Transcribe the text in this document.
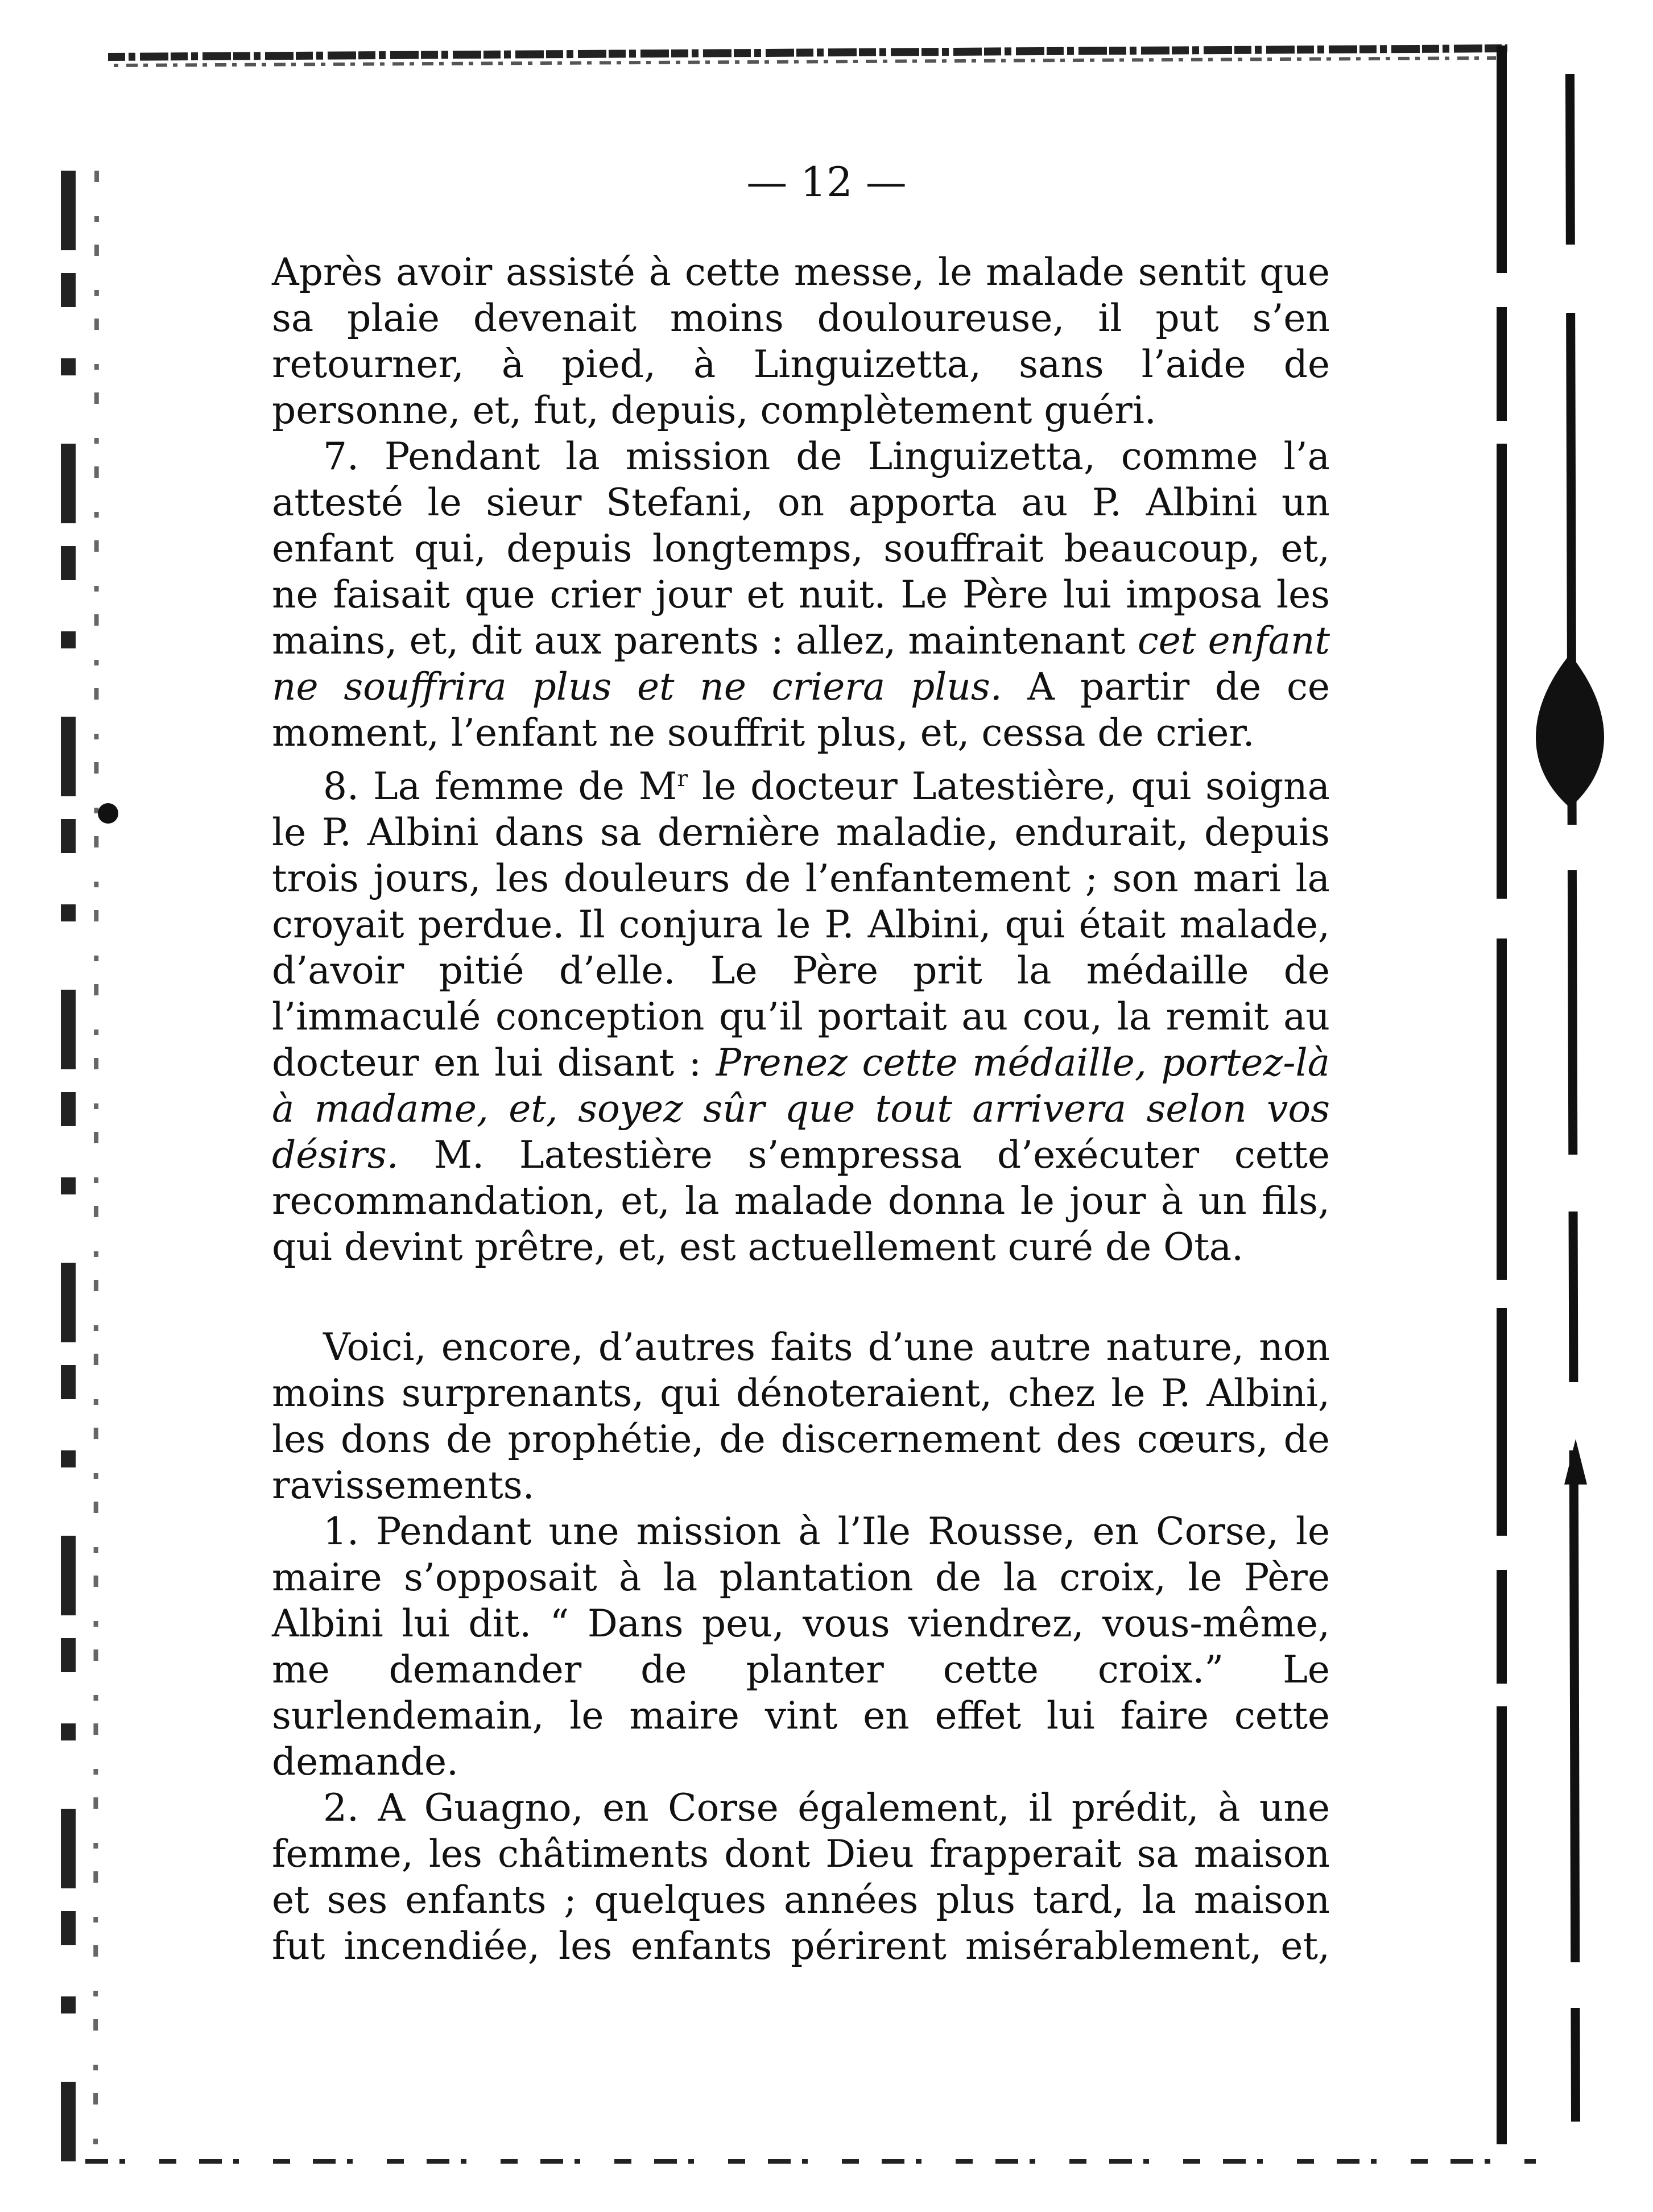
— 12 —

Après avoir assisté à cette messe, le malade sentit que sa plaie devenait moins douloureuse, il put s’en retourner, à pied, à Linguizetta, sans l’aide de personne, et, fut, depuis, complètement guéri.

7. Pendant la mission de Linguizetta, comme l’a attesté le sieur Stefani, on apporta au P. Albini un enfant qui, depuis longtemps, souffrait beaucoup, et, ne faisait que crier jour et nuit. Le Père lui imposa les mains, et, dit aux parents : allez, maintenant cet enfant ne souffrira plus et ne criera plus. A partir de ce moment, l’enfant ne souffrit plus, et, cessa de crier.

8. La femme de $M^r$ le docteur Latestière, qui soigna le P. Albini dans sa dernière maladie, endurait, depuis trois jours, les douleurs de l’enfantement ; son mari la croyait perdue. Il conjura le P. Albini, qui était malade, d’avoir pitié d’elle. Le Père prit la médaille de l’immaculé conception qu’il portait au cou, la remit au docteur en lui disant : Prenez cette médaille, portez-là à madame, et, soyez sûr que tout arrivera selon vos désirs. M. Latestière s’empressa d’exécuter cette recommandation, et, la malade donna le jour à un fils, qui devint prêtre, et, est actuellement curé de Ota.

Voici, encore, d’autres faits d’une autre nature, non moins surprenants, qui dénoteraient, chez le P. Albini, les dons de prophétie, de discernement des cœurs, de ravissements.

1. Pendant une mission à l’Ile Rousse, en Corse, le maire s’opposait à la plantation de la croix, le Père Albini lui dit. “ Dans peu, vous viendrez, vous-même, me demander de planter cette croix.” Le surlendemain, le maire vint en effet lui faire cette demande.

2. A Guagno, en Corse également, il prédit, à une femme, les châtiments dont Dieu frapperait sa maison et ses enfants ; quelques années plus tard, la maison fut incendiée, les enfants périrent misérablement, et,
